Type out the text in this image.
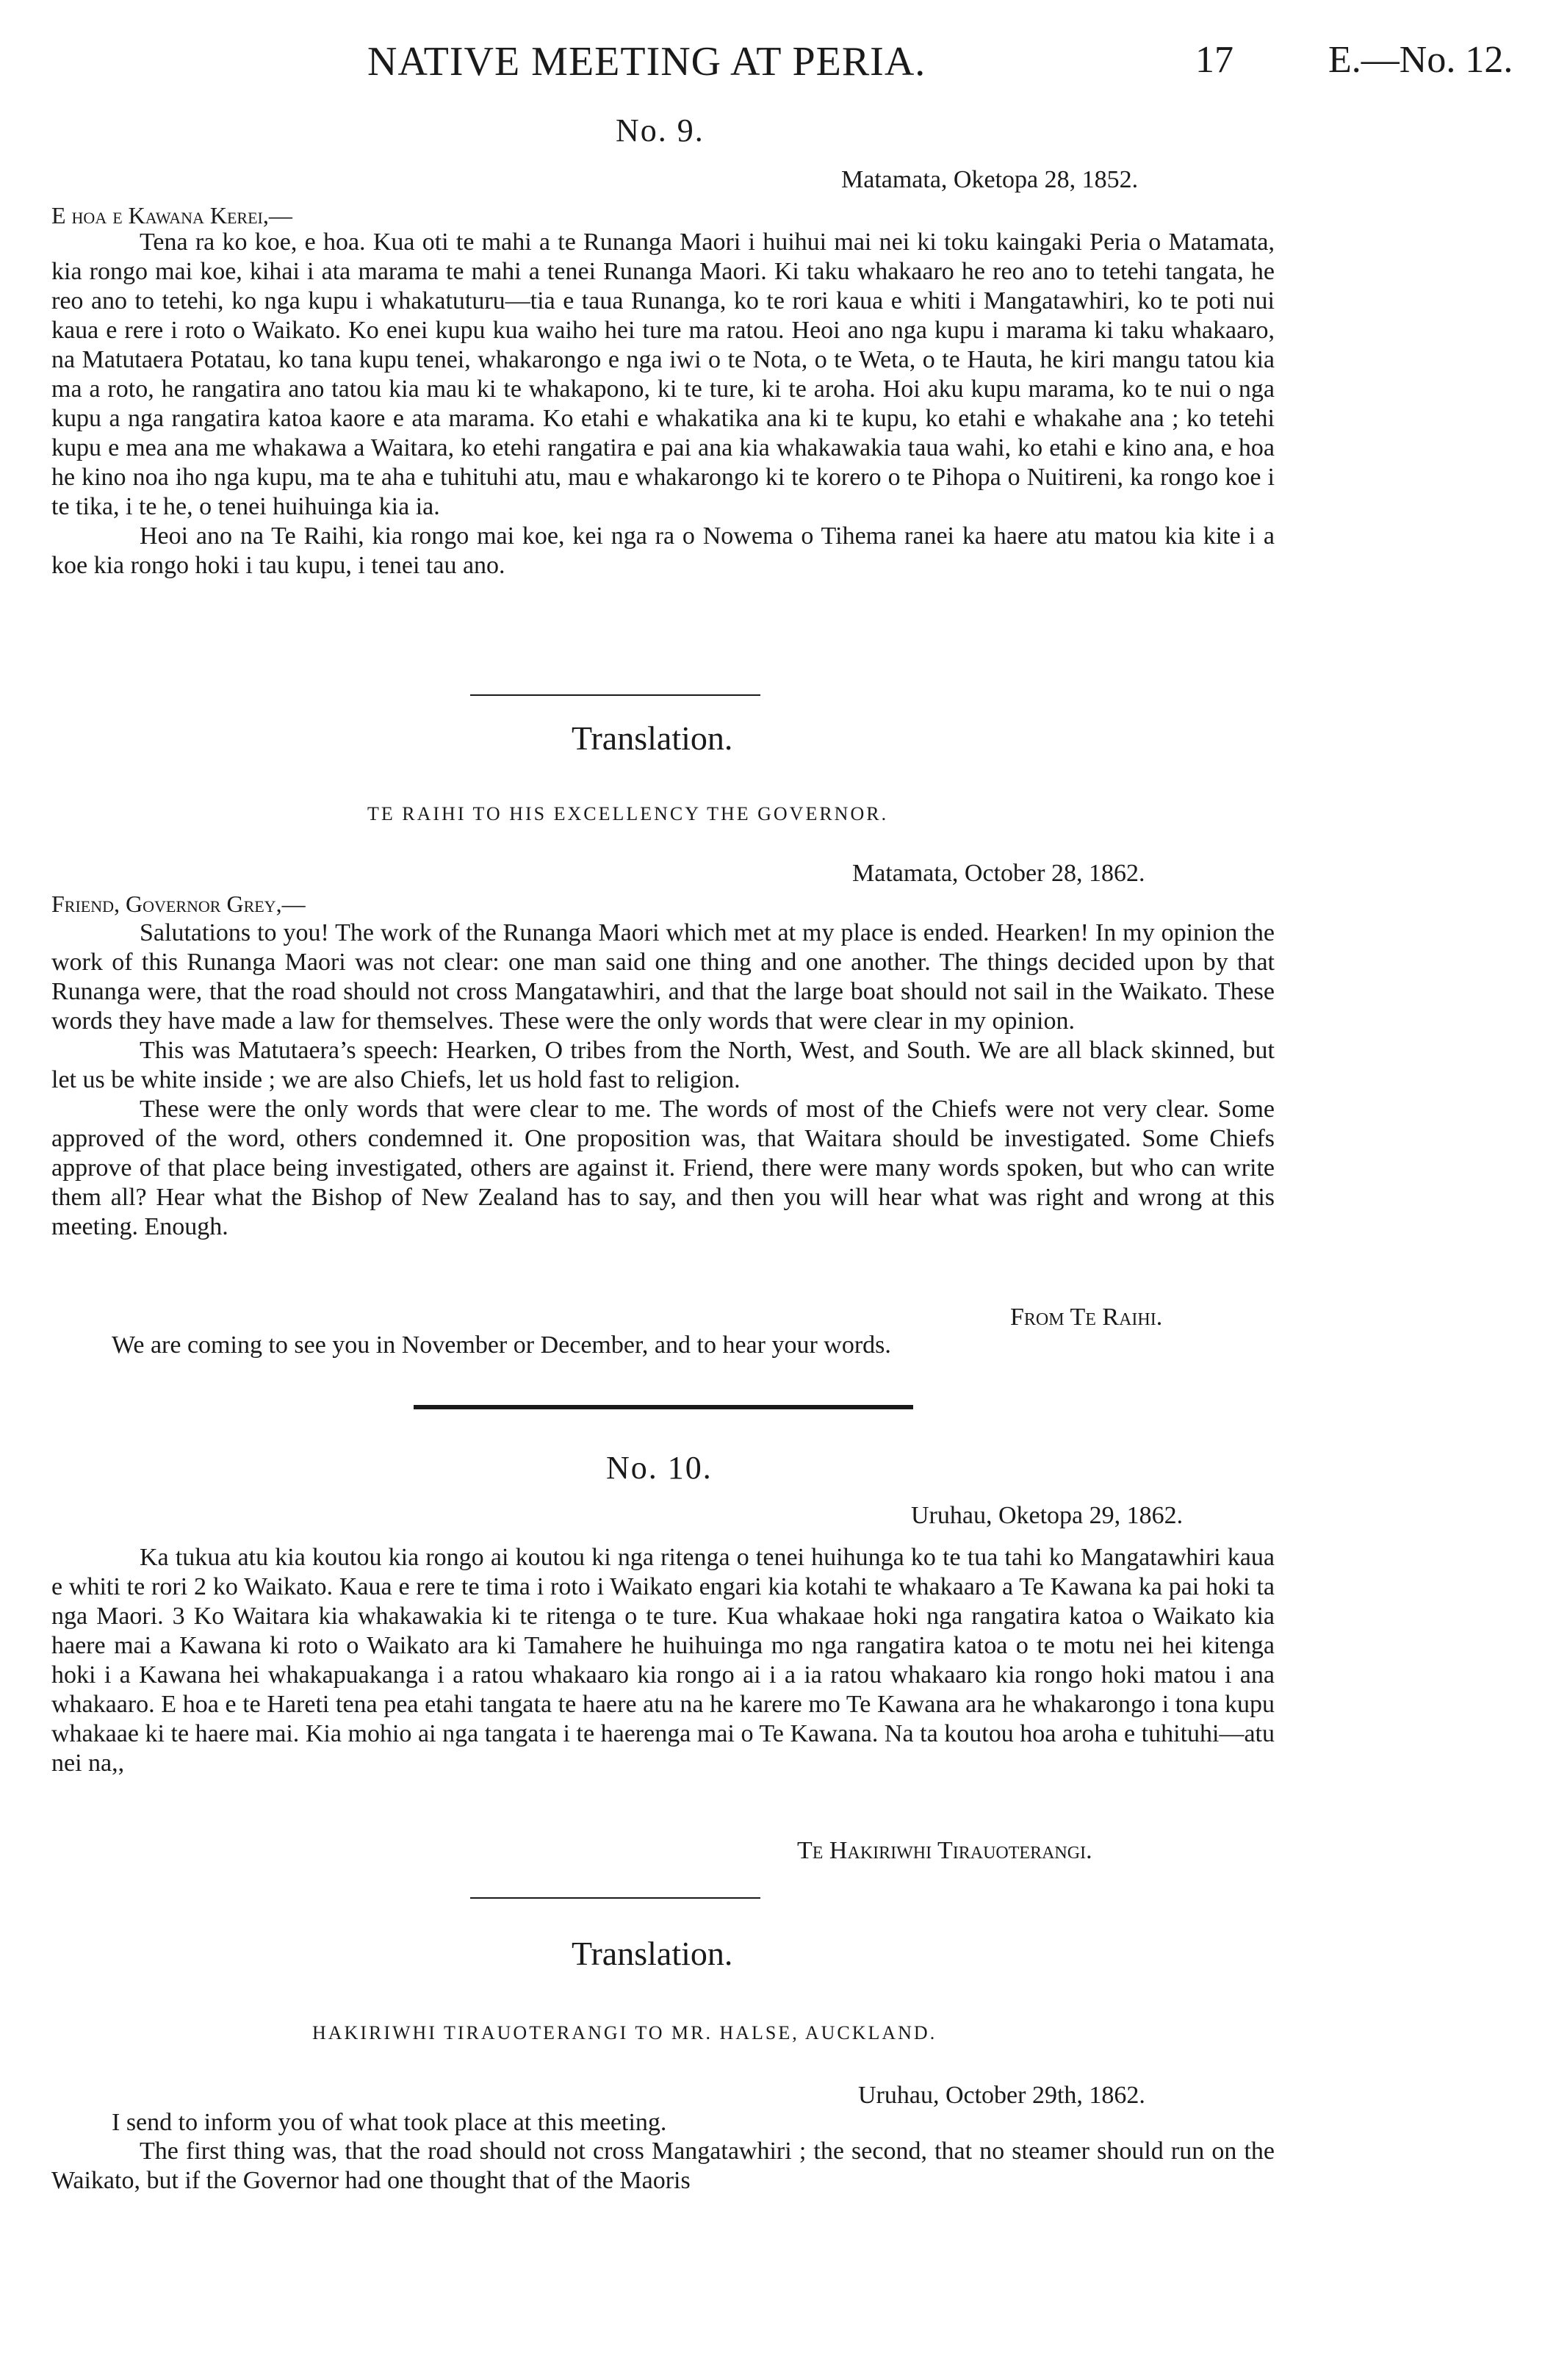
NATIVE MEETING AT PERIA.	17 E.—No. 12.
No. 9.
Matamata, Oketopa 28, 1852.
E hoa e Kawana Kerei,—

Tena ra ko koe, e hoa. Kua oti te mahi a te Runanga Maori i huihui mai nei ki toku kaingaki Peria o Matamata, kia rongo mai koe, kihai i ata marama te mahi a tenei Runanga Maori. Ki taku whakaaro he reo ano to tetehi tangata, he reo ano to tetehi, ko nga kupu i whakatuturu—tia e taua Runanga, ko te rori kaua e whiti i Mangatawhiri, ko te poti nui kaua e rere i roto o Waikato. Ko enei kupu kua waiho hei ture ma ratou. Heoi ano nga kupu i marama ki taku whakaaro, na Matutaera Potatau, ko tana kupu tenei, whakarongo e nga iwi o te Nota, o te Weta, o te Hauta, he kiri mangu tatou kia ma a roto, he rangatira ano tatou kia mau ki te whakapono, ki te ture, ki te aroha. Hoi aku kupu marama, ko te nui o nga kupu a nga rangatira katoa kaore e ata marama. Ko etahi e whakatika ana ki te kupu, ko etahi e whakahe ana ; ko tetehi kupu e mea ana me whakawa a Waitara, ko etehi rangatira e pai ana kia whakawakia taua wahi, ko etahi e kino ana, e hoa he kino noa iho nga kupu, ma te aha e tuhituhi atu, mau e whakarongo ki te korero o te Pihopa o Nuitireni, ka rongo koe i te tika, i te he, o tenei huihuinga kia ia.

Heoi ano na Te Raihi, kia rongo mai koe, kei nga ra o Nowema o Tihema ranei ka haere atu matou kia kite i a koe kia rongo hoki i tau kupu, i tenei tau ano.

Translation.
TE RAIHI TO HIS EXCELLENCY THE GOVERNOR.
Matamata, October 28, 1862.
Friend, Governor Grey,—

Salutations to you! The work of the Runanga Maori which met at my place is ended. Hearken! In my opinion the work of this Runanga Maori was not clear: one man said one thing and one another. The things decided upon by that Runanga were, that the road should not cross Mangatawhiri, and that the large boat should not sail in the Waikato. These words they have made a law for themselves. These were the only words that were clear in my opinion.

This was Matutaera’s speech: Hearken, O tribes from the North, West, and South. We are all black skinned, but let us be white inside ; we are also Chiefs, let us hold fast to religion.

These were the only words that were clear to me. The words of most of the Chiefs were not very clear. Some approved of the word, others condemned it. One proposition was, that Waitara should be investigated. Some Chiefs approve of that place being investigated, others are against it. Friend, there were many words spoken, but who can write them all? Hear what the Bishop of New Zealand has to say, and then you will hear what was right and wrong at this meeting. Enough.

From Te Raihi.
We are coming to see you in November or December, and to hear your words.
No. 10.
Uruhau, Oketopa 29, 1862.

Ka tukua atu kia koutou kia rongo ai koutou ki nga ritenga o tenei huihunga ko te tua tahi ko Mangatawhiri kaua e whiti te rori 2 ko Waikato. Kaua e rere te tima i roto i Waikato engari kia kotahi te whakaaro a Te Kawana ka pai hoki ta nga Maori. 3 Ko Waitara kia whakawakia ki te ritenga o te ture. Kua whakaae hoki nga rangatira katoa o Waikato kia haere mai a Kawana ki roto o Waikato ara ki Tamahere he huihuinga mo nga rangatira katoa o te motu nei hei kitenga hoki i a Kawana hei whakapuakanga i a ratou whakaaro kia rongo ai i a ia ratou whakaaro kia rongo hoki matou i ana whakaaro. E hoa e te Hareti tena pea etahi tangata te haere atu na he karere mo Te Kawana ara he whakarongo i tona kupu whakaae ki te haere mai. Kia mohio ai nga tangata i te haerenga mai o Te Kawana. Na ta koutou hoa aroha e tuhituhi—atu nei na,,

Te Hakiriwhi Tirauoterangi.
Translation.
HAKIRIWHI TIRAUOTERANGI TO MR. HALSE, AUCKLAND.
Uruhau, October 29th, 1862.
I send to inform you of what took place at this meeting.

The first thing was, that the road should not cross Mangatawhiri ; the second, that no steamer should run on the Waikato, but if the Governor had one thought that of the Maoris
